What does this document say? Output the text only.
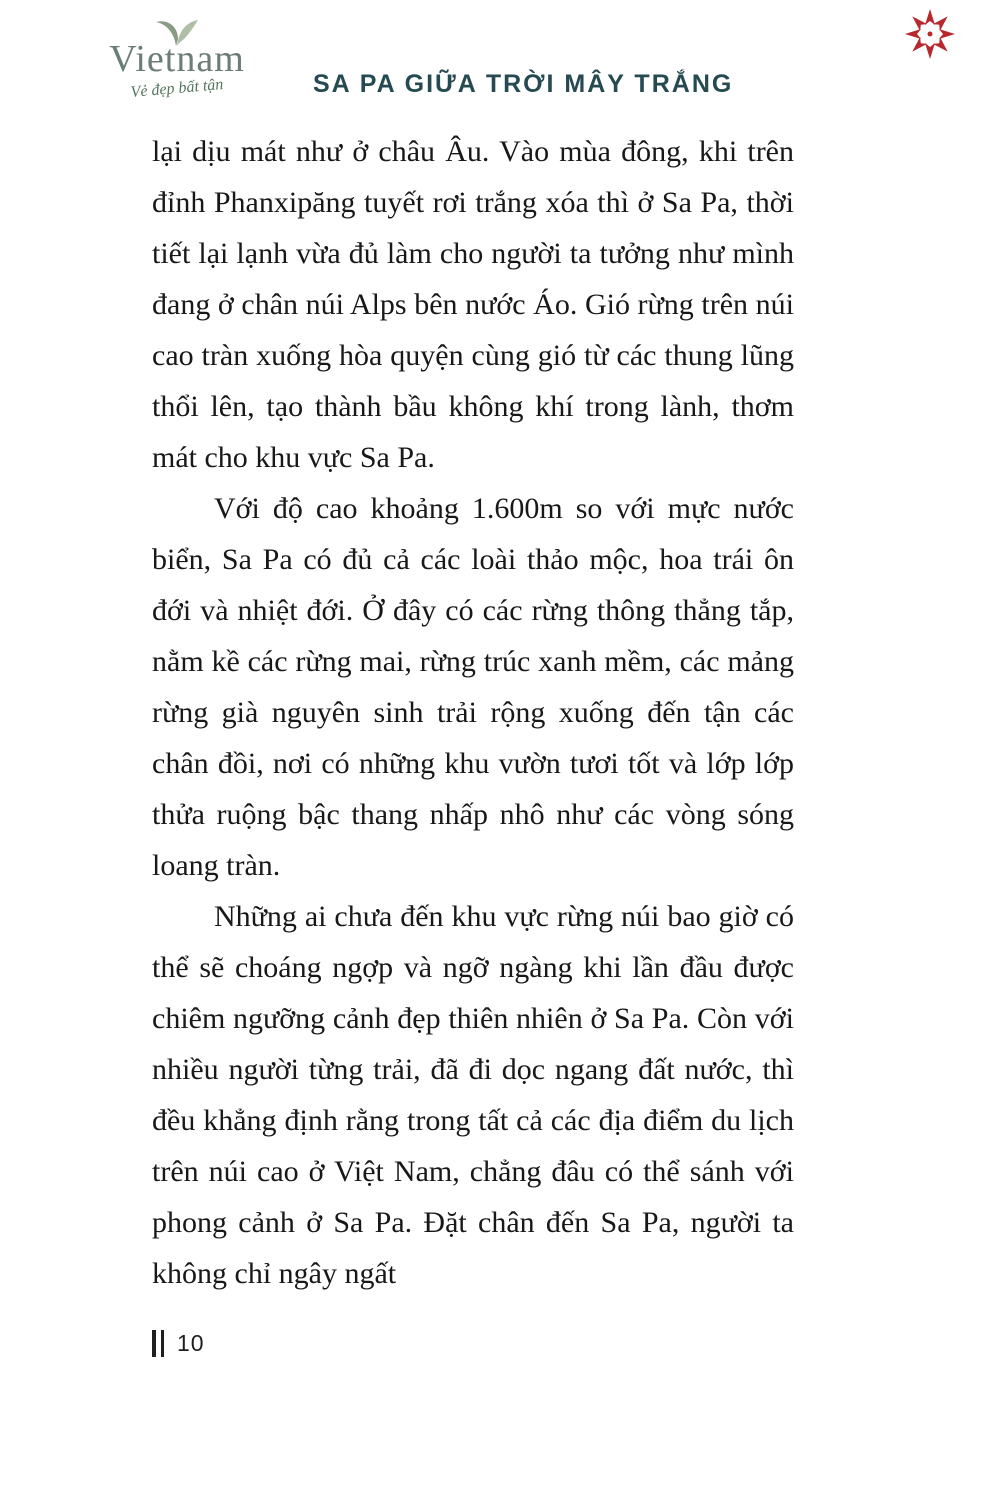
Vietnam
Vẻ đẹp bất tận	SA PA GIỮA TRỜI MÂY TRẮNG

lại dịu mát như ở châu Âu. Vào mùa đông, khi trên đỉnh Phanxipăng tuyết rơi trắng xóa thì ở Sa Pa, thời tiết lại lạnh vừa đủ làm cho người ta tưởng như mình đang ở chân núi Alps bên nước Áo. Gió rừng trên núi cao tràn xuống hòa quyện cùng gió từ các thung lũng thổi lên, tạo thành bầu không khí trong lành, thơm mát cho khu vực Sa Pa.

Với độ cao khoảng 1.600m so với mực nước biển, Sa Pa có đủ cả các loài thảo mộc, hoa trái ôn đới và nhiệt đới. Ở đây có các rừng thông thẳng tắp, nằm kề các rừng mai, rừng trúc xanh mềm, các mảng rừng già nguyên sinh trải rộng xuống đến tận các chân đồi, nơi có những khu vườn tươi tốt và lớp lớp thửa ruộng bậc thang nhấp nhô như các vòng sóng loang tràn.

Những ai chưa đến khu vực rừng núi bao giờ có thể sẽ choáng ngợp và ngỡ ngàng khi lần đầu được chiêm ngưỡng cảnh đẹp thiên nhiên ở Sa Pa. Còn với nhiều người từng trải, đã đi dọc ngang đất nước, thì đều khẳng định rằng trong tất cả các địa điểm du lịch trên núi cao ở Việt Nam, chẳng đâu có thể sánh với phong cảnh ở Sa Pa. Đặt chân đến Sa Pa, người ta không chỉ ngây ngất

10
